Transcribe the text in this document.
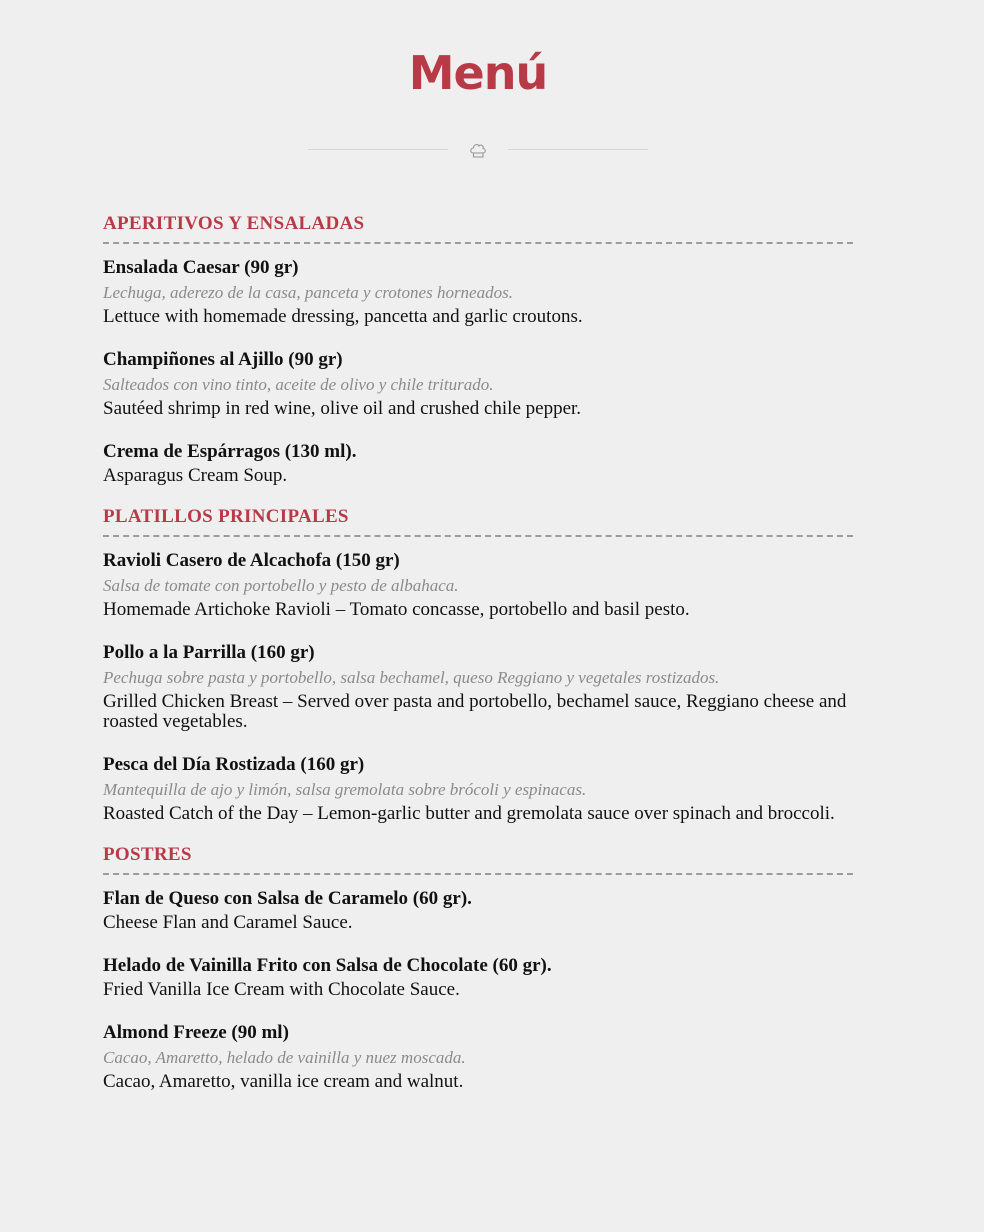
Menú
APERITIVOS Y ENSALADAS
Ensalada Caesar (90 gr)
Lechuga, aderezo de la casa, panceta y crotones horneados.
Lettuce with homemade dressing, pancetta and garlic croutons.
Champiñones al Ajillo (90 gr)
Salteados con vino tinto, aceite de olivo y chile triturado.
Sautéed shrimp in red wine, olive oil and crushed chile pepper.
Crema de Espárragos (130 ml).
Asparagus Cream Soup.
PLATILLOS PRINCIPALES
Ravioli Casero de Alcachofa (150 gr)
Salsa de tomate con portobello y pesto de albahaca.
Homemade Artichoke Ravioli – Tomato concasse, portobello and basil pesto.
Pollo a la Parrilla (160 gr)
Pechuga sobre pasta y portobello, salsa bechamel, queso Reggiano y vegetales rostizados.
Grilled Chicken Breast – Served over pasta and portobello, bechamel sauce, Reggiano cheese and roasted vegetables.
Pesca del Día Rostizada (160 gr)
Mantequilla de ajo y limón, salsa gremolata sobre brócoli y espinacas.
Roasted Catch of the Day – Lemon-garlic butter and gremolata sauce over spinach and broccoli.
POSTRES
Flan de Queso con Salsa de Caramelo (60 gr).
Cheese Flan and Caramel Sauce.
Helado de Vainilla Frito con Salsa de Chocolate (60 gr).
Fried Vanilla Ice Cream with Chocolate Sauce.
Almond Freeze (90 ml)
Cacao, Amaretto, helado de vainilla y nuez moscada.
Cacao, Amaretto, vanilla ice cream and walnut.
